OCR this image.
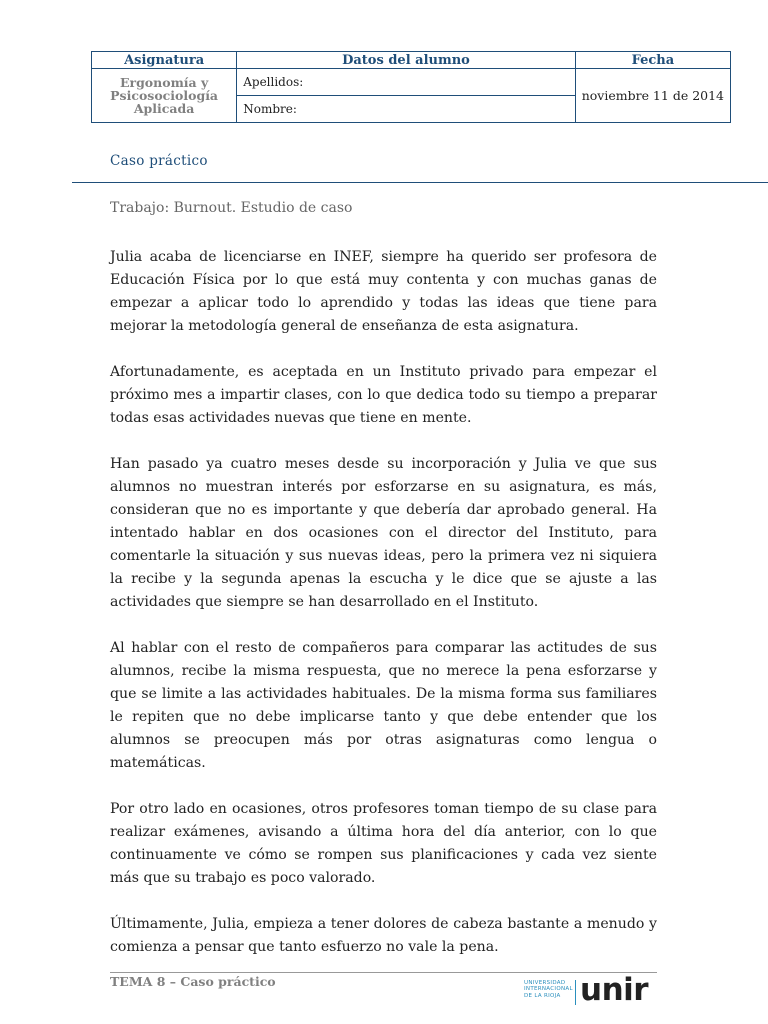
Asignatura	Datos del alumno	Fecha

Ergonomía y
Psicosociología
Aplicada	Apellidos:	noviembre 11 de 2014
	Nombre:	
Caso práctico
Trabajo: Burnout. Estudio de caso

Julia acaba de licenciarse en INEF, siempre ha querido ser profesora de Educación Física por lo que está muy contenta y con muchas ganas de empezar a aplicar todo lo aprendido y todas las ideas que tiene para mejorar la metodología general de enseñanza de esta asignatura.

Afortunadamente, es aceptada en un Instituto privado para empezar el próximo mes a impartir clases, con lo que dedica todo su tiempo a preparar todas esas actividades nuevas que tiene en mente.

Han pasado ya cuatro meses desde su incorporación y Julia ve que sus alumnos no muestran interés por esforzarse en su asignatura, es más, consideran que no es importante y que debería dar aprobado general. Ha intentado hablar en dos ocasiones con el director del Instituto, para comentarle la situación y sus nuevas ideas, pero la primera vez ni siquiera la recibe y la segunda apenas la escucha y le dice que se ajuste a las actividades que siempre se han desarrollado en el Instituto.

Al hablar con el resto de compañeros para comparar las actitudes de sus alumnos, recibe la misma respuesta, que no merece la pena esforzarse y que se limite a las actividades habituales. De la misma forma sus familiares le repiten que no debe implicarse tanto y que debe entender que los alumnos se preocupen más por otras asignaturas como lengua o matemáticas.

Por otro lado en ocasiones, otros profesores toman tiempo de su clase para realizar exámenes, avisando a última hora del día anterior, con lo que continuamente ve cómo se rompen sus planificaciones y cada vez siente más que su trabajo es poco valorado.

Últimamente, Julia, empieza a tener dolores de cabeza bastante a menudo y comienza a pensar que tanto esfuerzo no vale la pena.

TEMA 8 – Caso práctico	UNIVERSIDAD
INTERNACIONAL
DE LA RIOJA unir
